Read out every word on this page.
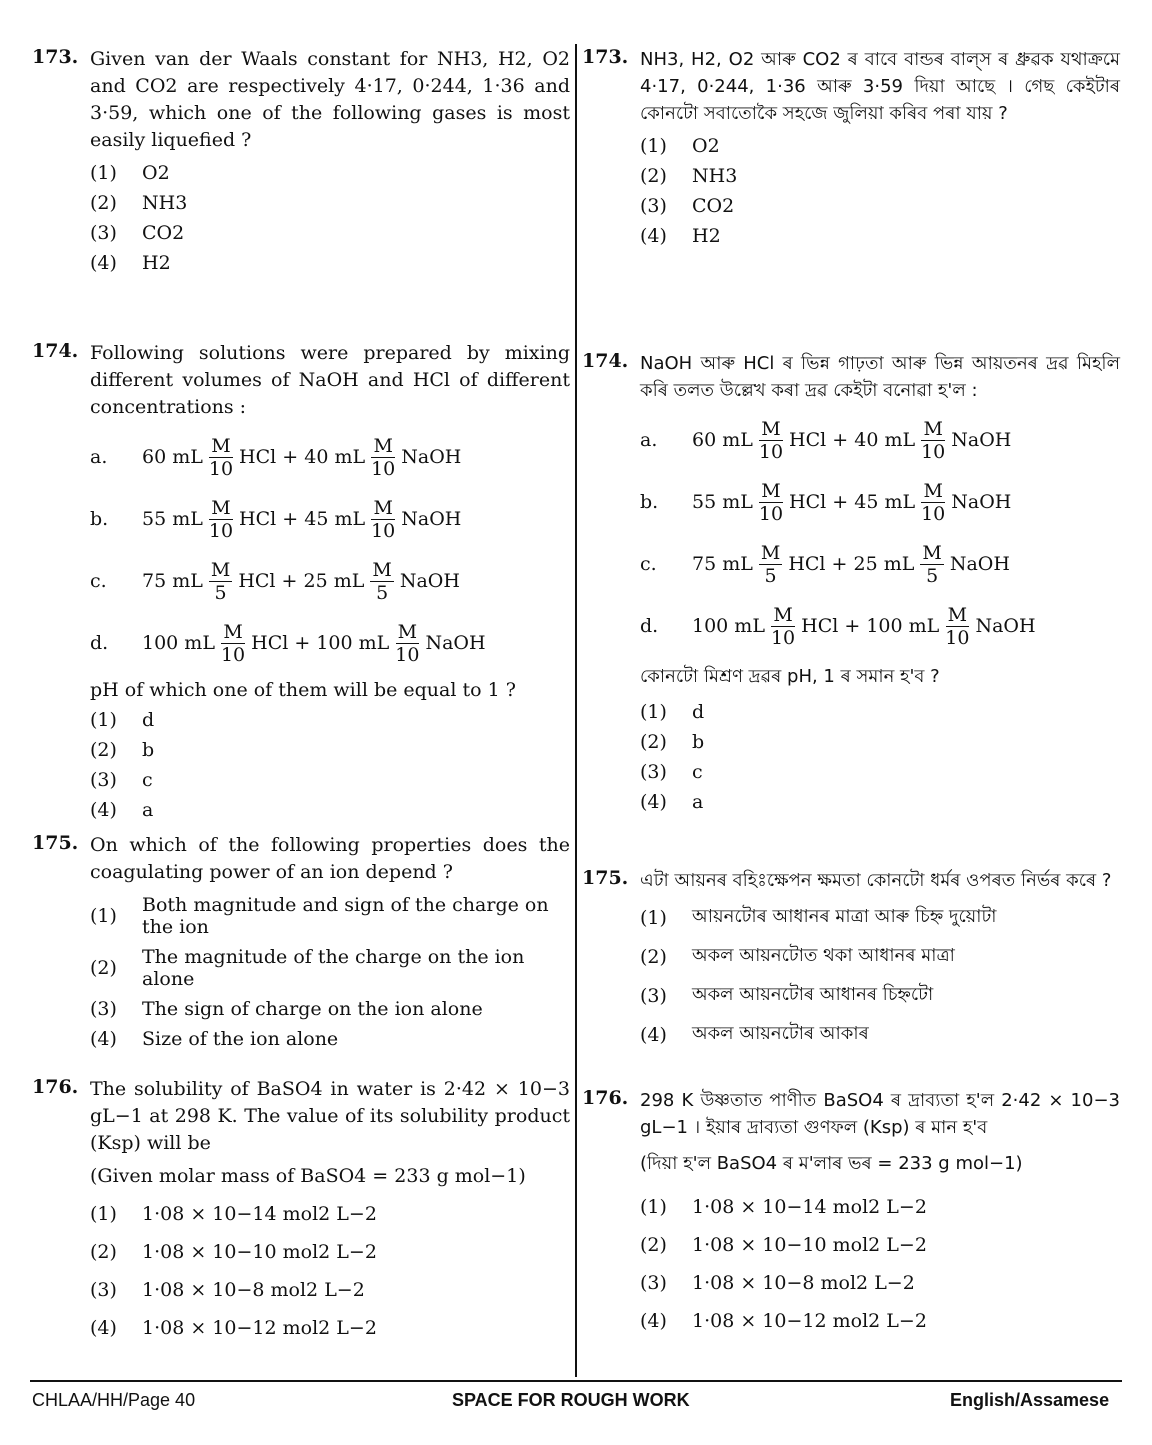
173. Given van der Waals constant for NH3, H2, O2 and CO2 are respectively 4·17, 0·244, 1·36 and 3·59, which one of the following gases is most easily liquefied ?
(1)	O2
(2)	NH3
(3)	CO2
(4)	H2
174. Following solutions were prepared by mixing different volumes of NaOH and HCl of different concentrations :
a.	60 mL $\frac{M}{10}$ HCl + 40 mL $\frac{M}{10}$ NaOH
b.	55 mL $\frac{M}{10}$ HCl + 45 mL $\frac{M}{10}$ NaOH
c.	75 mL $\frac{M}{5}$ HCl + 25 mL $\frac{M}{5}$ NaOH
d.	100 mL $\frac{M}{10}$ HCl + 100 mL $\frac{M}{10}$ NaOH
pH of which one of them will be equal to 1 ?
(1)	d
(2)	b
(3)	c
(4)	a
175. On which of the following properties does the coagulating power of an ion depend ?
(1)	Both magnitude and sign of the charge on the ion
(2)	The magnitude of the charge on the ion alone
(3)	The sign of charge on the ion alone
(4)	Size of the ion alone
176. The solubility of BaSO4 in water is 2·42 × 10−3 gL−1 at 298 K. The value of its solubility product (Ksp) will be
(Given molar mass of BaSO4 = 233 g mol−1)
(1)	1·08 × 10−14 mol2 L−2
(2)	1·08 × 10−10 mol2 L−2
(3)	1·08 × 10−8 mol2 L−2
(4)	1·08 × 10−12 mol2 L−2
173. NH3, H2, O2 আৰু CO2 ৰ বাবে বান্ডৰ বাল্‌স ৰ ধ্ৰুৱক যথাক্ৰমে 4·17, 0·244, 1·36 আৰু 3·59 দিয়া আছে । গেছ কেইটাৰ কোনটো সবাতোকৈ সহজে জুলিয়া কৰিব পৰা যায় ?
(1)	O2
(2)	NH3
(3)	CO2
(4)	H2
174. NaOH আৰু HCl ৰ ভিন্ন গাঢ়তা আৰু ভিন্ন আয়তনৰ দ্ৰৱ মিহলি কৰি তলত উল্লেখ কৰা দ্ৰৱ কেইটা বনোৱা হ'ল :
a.	60 mL $\frac{M}{10}$ HCl + 40 mL $\frac{M}{10}$ NaOH
b.	55 mL $\frac{M}{10}$ HCl + 45 mL $\frac{M}{10}$ NaOH
c.	75 mL $\frac{M}{5}$ HCl + 25 mL $\frac{M}{5}$ NaOH
d.	100 mL $\frac{M}{10}$ HCl + 100 mL $\frac{M}{10}$ NaOH
কোনটো মিশ্ৰণ দ্ৰৱৰ pH, 1 ৰ সমান হ'ব ?
(1)	d
(2)	b
(3)	c
(4)	a
175. এটা আয়নৰ বহিঃক্ষেপন ক্ষমতা কোনটো ধৰ্মৰ ওপৰত নিৰ্ভৰ কৰে ?
(1)	আয়নটোৰ আধানৰ মাত্ৰা আৰু চিহ্ন দুয়োটা
(2)	অকল আয়নটোত থকা আধানৰ মাত্ৰা
(3)	অকল আয়নটোৰ আধানৰ চিহ্নটো
(4)	অকল আয়নটোৰ আকাৰ
176. 298 K উষ্ণতাত পাণীত BaSO4 ৰ দ্ৰাব্যতা হ'ল 2·42 × 10−3 gL−1 । ইয়াৰ দ্ৰাব্যতা গুণফল (Ksp) ৰ মান হ'ব
(দিয়া হ'ল BaSO4 ৰ ম'লাৰ ভৰ = 233 g mol−1)
(1)	1·08 × 10−14 mol2 L−2
(2)	1·08 × 10−10 mol2 L−2
(3)	1·08 × 10−8 mol2 L−2
(4)	1·08 × 10−12 mol2 L−2
CHLAA/HH/Page 40	SPACE FOR ROUGH WORK	English/Assamese
